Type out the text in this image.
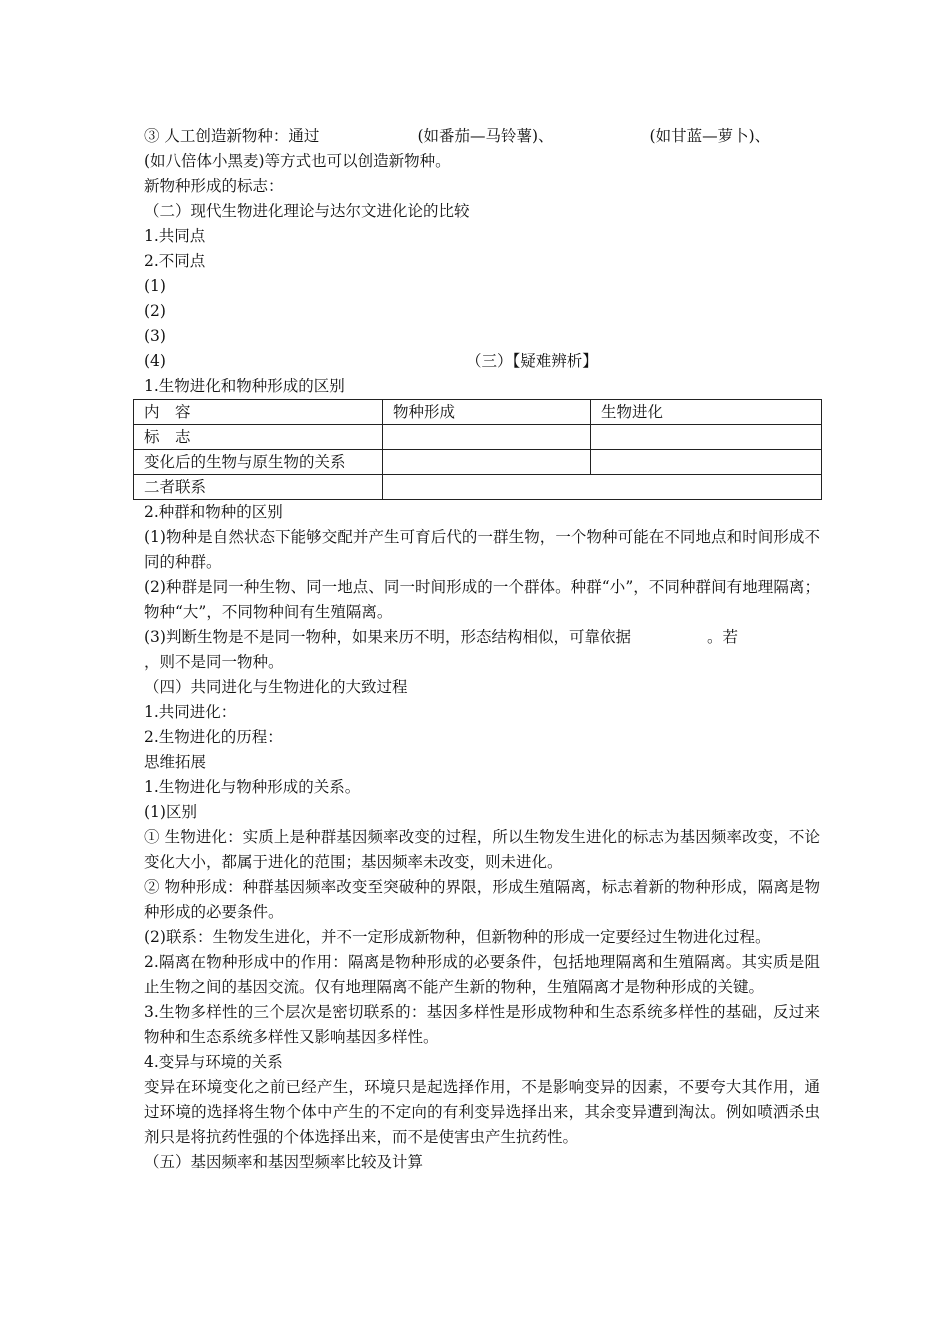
③ 人工创造新物种：通过	(如番茄—马铃薯)、	(如甘蓝—萝卜)、
(如八倍体小黑麦)等方式也可以创造新物种。
新物种形成的标志：
（二）现代生物进化理论与达尔文进化论的比较
1.共同点
2.不同点
(1)
(2)
(3)
(4)	（三）【疑难辨析】
1.生物进化和物种形成的区别
内　容	物种形成	生物进化
标　志		
变化后的生物与原生物的关系		
二者联系		
2.种群和物种的区别
(1)物种是自然状态下能够交配并产生可育后代的一群生物，一个物种可能在不同地点和时间形成不同的种群。
(2)种群是同一种生物、同一地点、同一时间形成的一个群体。种群“小”，不同种群间有地理隔离；物种“大”，不同物种间有生殖隔离。
(3)判断生物是不是同一物种，如果来历不明，形态结构相似，可靠依据	。若
，则不是同一物种。
（四）共同进化与生物进化的大致过程
1.共同进化：
2.生物进化的历程：
思维拓展
1.生物进化与物种形成的关系。
(1)区别
① 生物进化：实质上是种群基因频率改变的过程，所以生物发生进化的标志为基因频率改变，不论变化大小，都属于进化的范围；基因频率未改变，则未进化。
② 物种形成：种群基因频率改变至突破种的界限，形成生殖隔离，标志着新的物种形成，隔离是物种形成的必要条件。
(2)联系：生物发生进化，并不一定形成新物种，但新物种的形成一定要经过生物进化过程。
2.隔离在物种形成中的作用：隔离是物种形成的必要条件，包括地理隔离和生殖隔离。其实质是阻止生物之间的基因交流。仅有地理隔离不能产生新的物种，生殖隔离才是物种形成的关键。
3.生物多样性的三个层次是密切联系的：基因多样性是形成物种和生态系统多样性的基础，反过来物种和生态系统多样性又影响基因多样性。
4.变异与环境的关系
变异在环境变化之前已经产生，环境只是起选择作用，不是影响变异的因素，不要夸大其作用，通过环境的选择将生物个体中产生的不定向的有利变异选择出来，其余变异遭到淘汰。例如喷洒杀虫剂只是将抗药性强的个体选择出来，而不是使害虫产生抗药性。
（五）基因频率和基因型频率比较及计算
